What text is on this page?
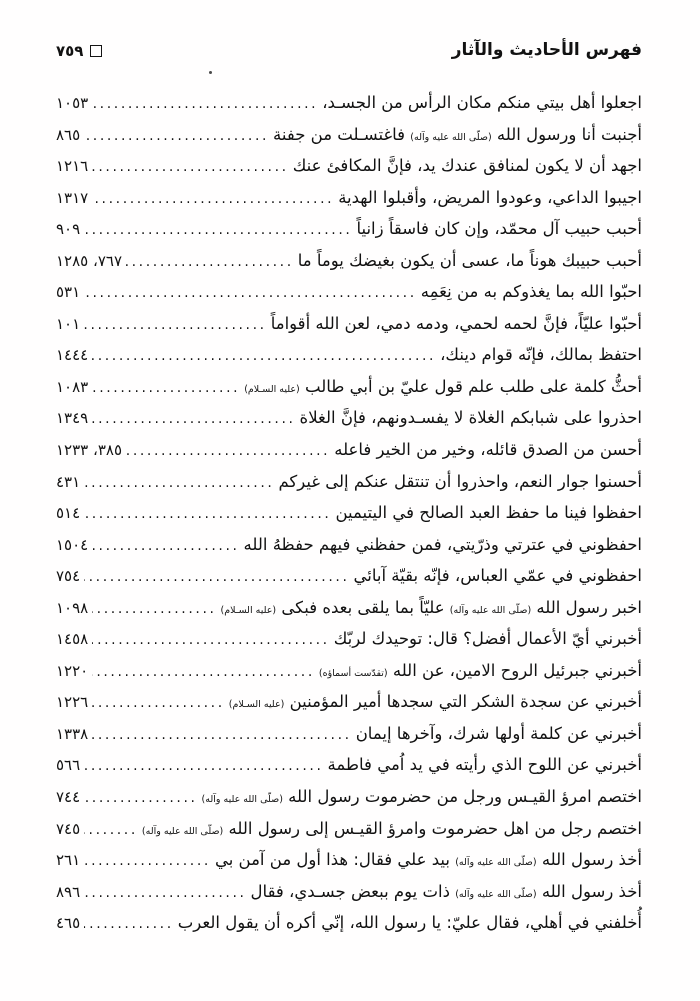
فهرس الأحاديث والآثار
٧٥٩
اجعلوا أهل بيتي منكم مكان الرأس من الجسـد،
.....
١٠٥٣
أجنبت أنا ورسول الله (صلّى الله عليه وآله) فاغتسـلت من جفنة
.....
٨٦٥
اجهد أن لا يكون لمنافق عندك يد، فإنَّ المكافئ عنك
.....
١٢١٦
اجيبوا الداعي، وعودوا المريض، وأقبلوا الهدية
.....
١٣١٧
أحبب حبيب آل محمّد، وإن كان فاسقاً زانياً
.....
٩٠٩
أحبب حبيبك هوناً ما، عسى أن يكون بغيضك يوماً ما
.....
٧٦٧، ١٢٨٥
احبّوا الله بما يغذوكم به من نِعَمِه
.....
٥٣١
أحبّوا عليّاً، فإنَّ لحمه لحمي، ودمه دمي، لعن الله أقواماً
.....
١٠١
احتفظ بمالك، فإنّه قوام دينك،
.....
١٤٤٤
أحثُّ كلمة على طلب علم قول عليّ بن أبي طالب (عليه السـلام)
.....
١٠٨٣
احذروا على شبابكم الغلاة لا يفسـدونهم، فإنَّ الغلاة
.....
١٣٤٩
أحسن من الصدق قائله، وخير من الخير فاعله
.....
٣٨٥، ١٢٣٣
أحسنوا جوار النعم، واحذروا أن تنتقل عنكم إلى غيركم
.....
٤٣١
احفظوا فينا ما حفظ العبد الصالح في اليتيمين
.....
٥١٤
احفظوني في عترتي وذرّيتي، فمن حفظني فيهم حفظهُ الله
.....
١٥٠٤
احفظوني في عمّي العباس، فإنّه بقيّة آبائي
.....
٧٥٤
اخبر رسول الله (صلّى الله عليه وآله) عليّاً بما يلقى بعده فبكى (عليه السـلام)
.....
١٠٩٨
أخبرني أيّ الأعمال أفضل؟ قال: توحيدك لربّك
.....
١٤٥٨
أخبرني جبرئيل الروح الامين، عن الله (تقدّست أسماؤه)
.....
١٢٢٠
أخبرني عن سجدة الشكر التي سجدها أمير المؤمنين (عليه السـلام)
.....
١٢٢٦
أخبرني عن كلمة أولها شرك، وآخرها إيمان
.....
١٣٣٨
أخبرني عن اللوح الذي رأيته في يد اُمي فاطمة
.....
٥٦٦
اختصم امرؤ القيـس ورجل من حضرموت رسول الله (صلّى الله عليه وآله)
.....
٧٤٤
اختصم رجل من اهل حضرموت وامرؤ القيـس إلى رسول الله (صلّى الله عليه وآله)
.....
٧٤٥
أخذ رسول الله (صلّى الله عليه وآله) بيد علي فقال: هذا أول من آمن بي
.....
٢٦١
أخذ رسول الله (صلّى الله عليه وآله) ذات يوم ببعض جسـدي، فقال
.....
٨٩٦
أُخلفني في أهلي، فقال عليّ: يا رسول الله، إنّي أكره أن يقول العرب
.....
٤٦٥
